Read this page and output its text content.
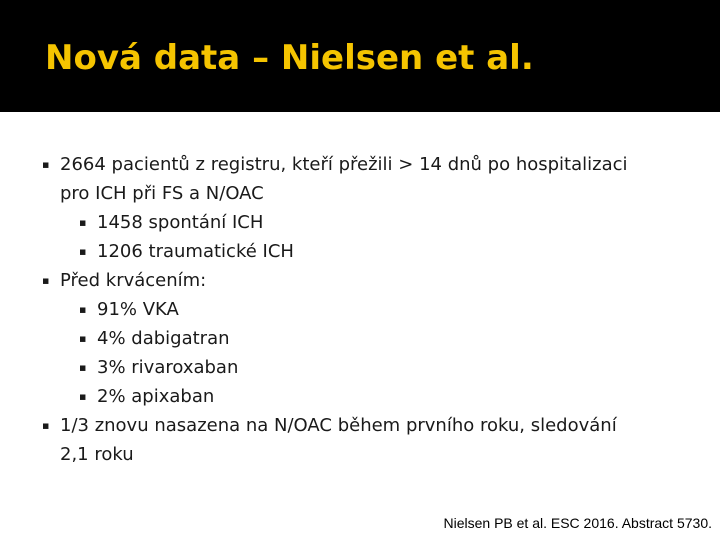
Nová data – Nielsen et al.
▪ 2664 pacientů z registru, kteří přežili > 14 dnů po hospitalizaci
pro ICH při FS a N/OAC
▪ 1458 spontání ICH
▪ 1206 traumatické ICH
▪ Před krvácením:
▪ 91% VKA
▪ 4% dabigatran
▪ 3% rivaroxaban
▪ 2% apixaban
▪ 1/3 znovu nasazena na N/OAC během prvního roku, sledování
2,1 roku
Nielsen PB et al. ESC 2016. Abstract 5730.
